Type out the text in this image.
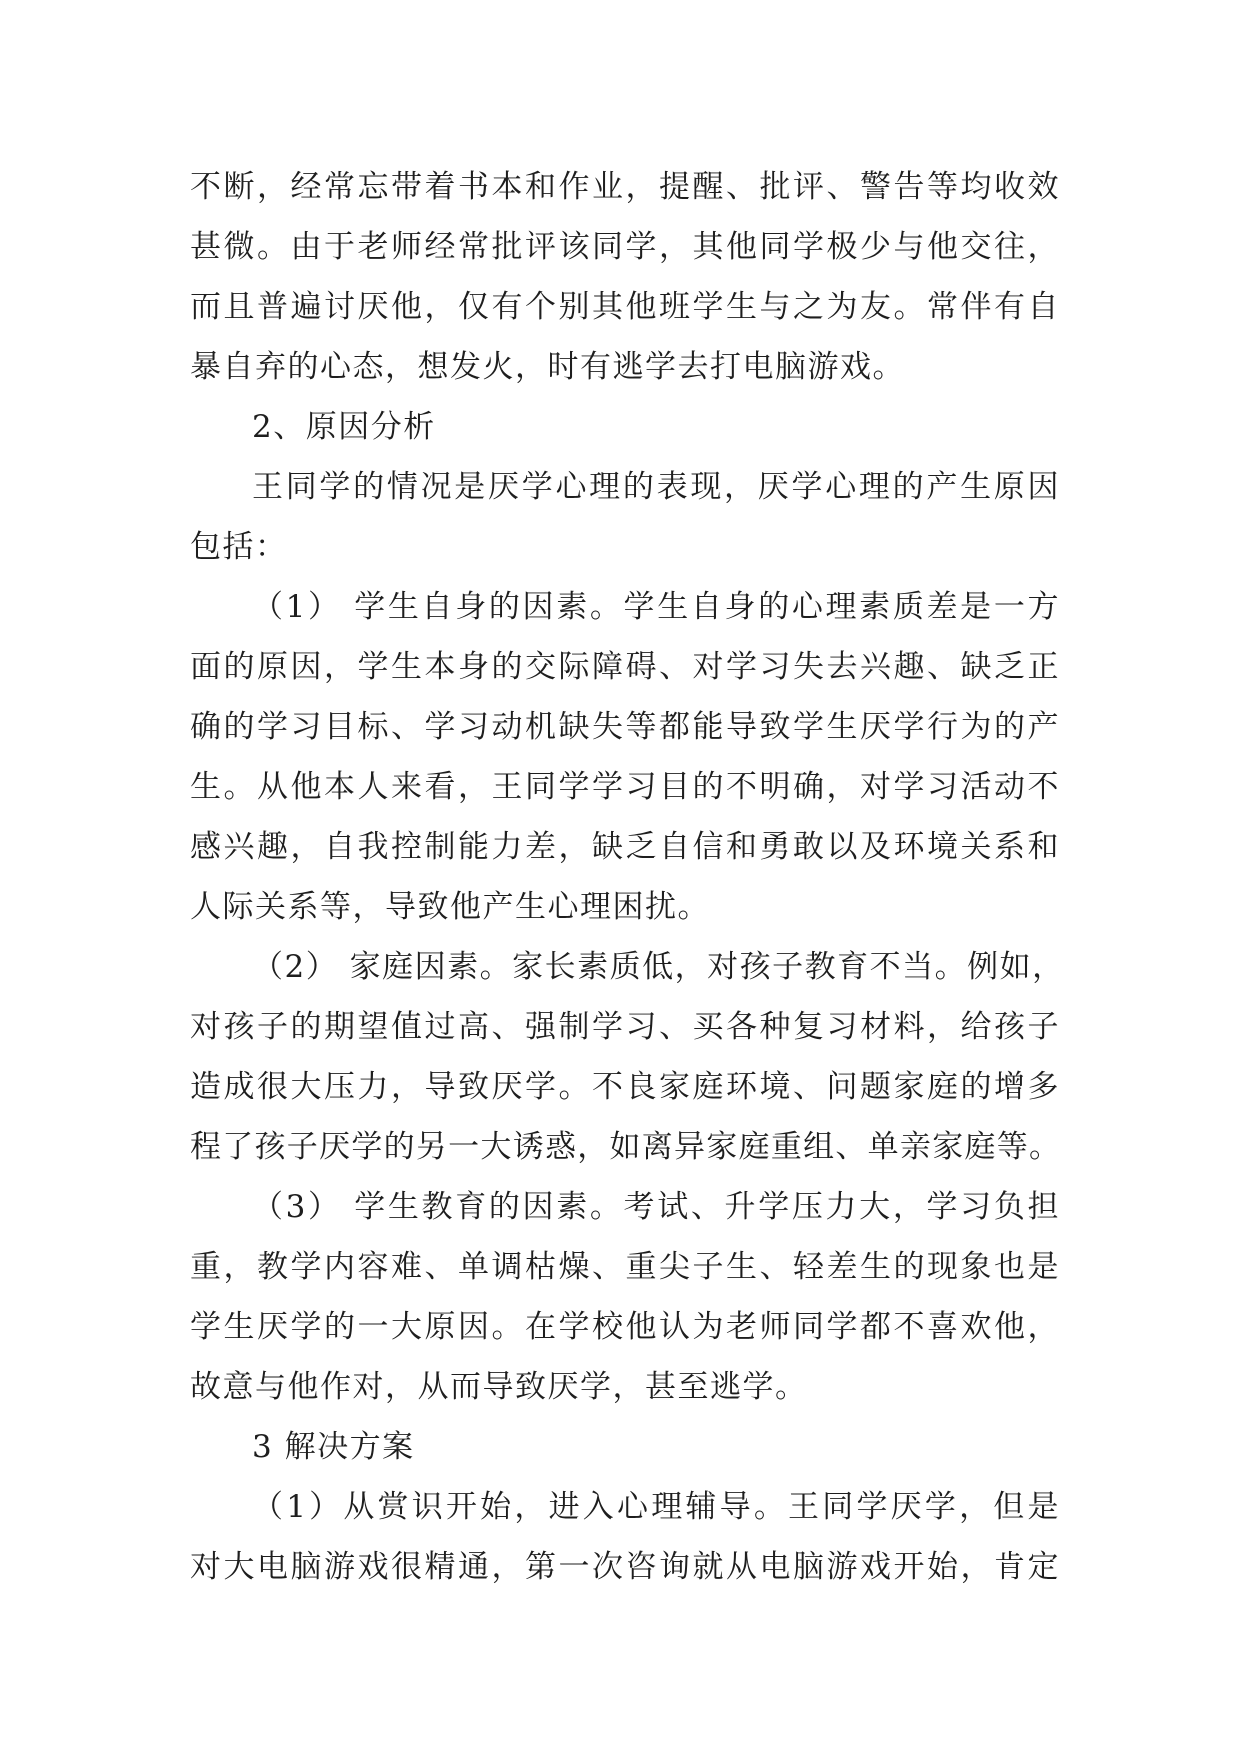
不断，经常忘带着书本和作业，提醒、批评、警告等均收效
甚微。由于老师经常批评该同学，其他同学极少与他交往，
而且普遍讨厌他，仅有个别其他班学生与之为友。常伴有自
暴自弃的心态，想发火，时有逃学去打电脑游戏。
2、原因分析
王同学的情况是厌学心理的表现，厌学心理的产生原因
包括：
（1） 学生自身的因素。学生自身的心理素质差是一方
面的原因，学生本身的交际障碍、对学习失去兴趣、缺乏正
确的学习目标、学习动机缺失等都能导致学生厌学行为的产
生。从他本人来看，王同学学习目的不明确，对学习活动不
感兴趣，自我控制能力差，缺乏自信和勇敢以及环境关系和
人际关系等，导致他产生心理困扰。
（2） 家庭因素。家长素质低，对孩子教育不当。例如，
对孩子的期望值过高、强制学习、买各种复习材料，给孩子
造成很大压力，导致厌学。不良家庭环境、问题家庭的增多
程了孩子厌学的另一大诱惑，如离异家庭重组、单亲家庭等。
（3） 学生教育的因素。考试、升学压力大，学习负担
重，教学内容难、单调枯燥、重尖子生、轻差生的现象也是
学生厌学的一大原因。在学校他认为老师同学都不喜欢他，
故意与他作对，从而导致厌学，甚至逃学。
3 解决方案
（1）从赏识开始，进入心理辅导。王同学厌学，但是
对大电脑游戏很精通，第一次咨询就从电脑游戏开始，肯定
